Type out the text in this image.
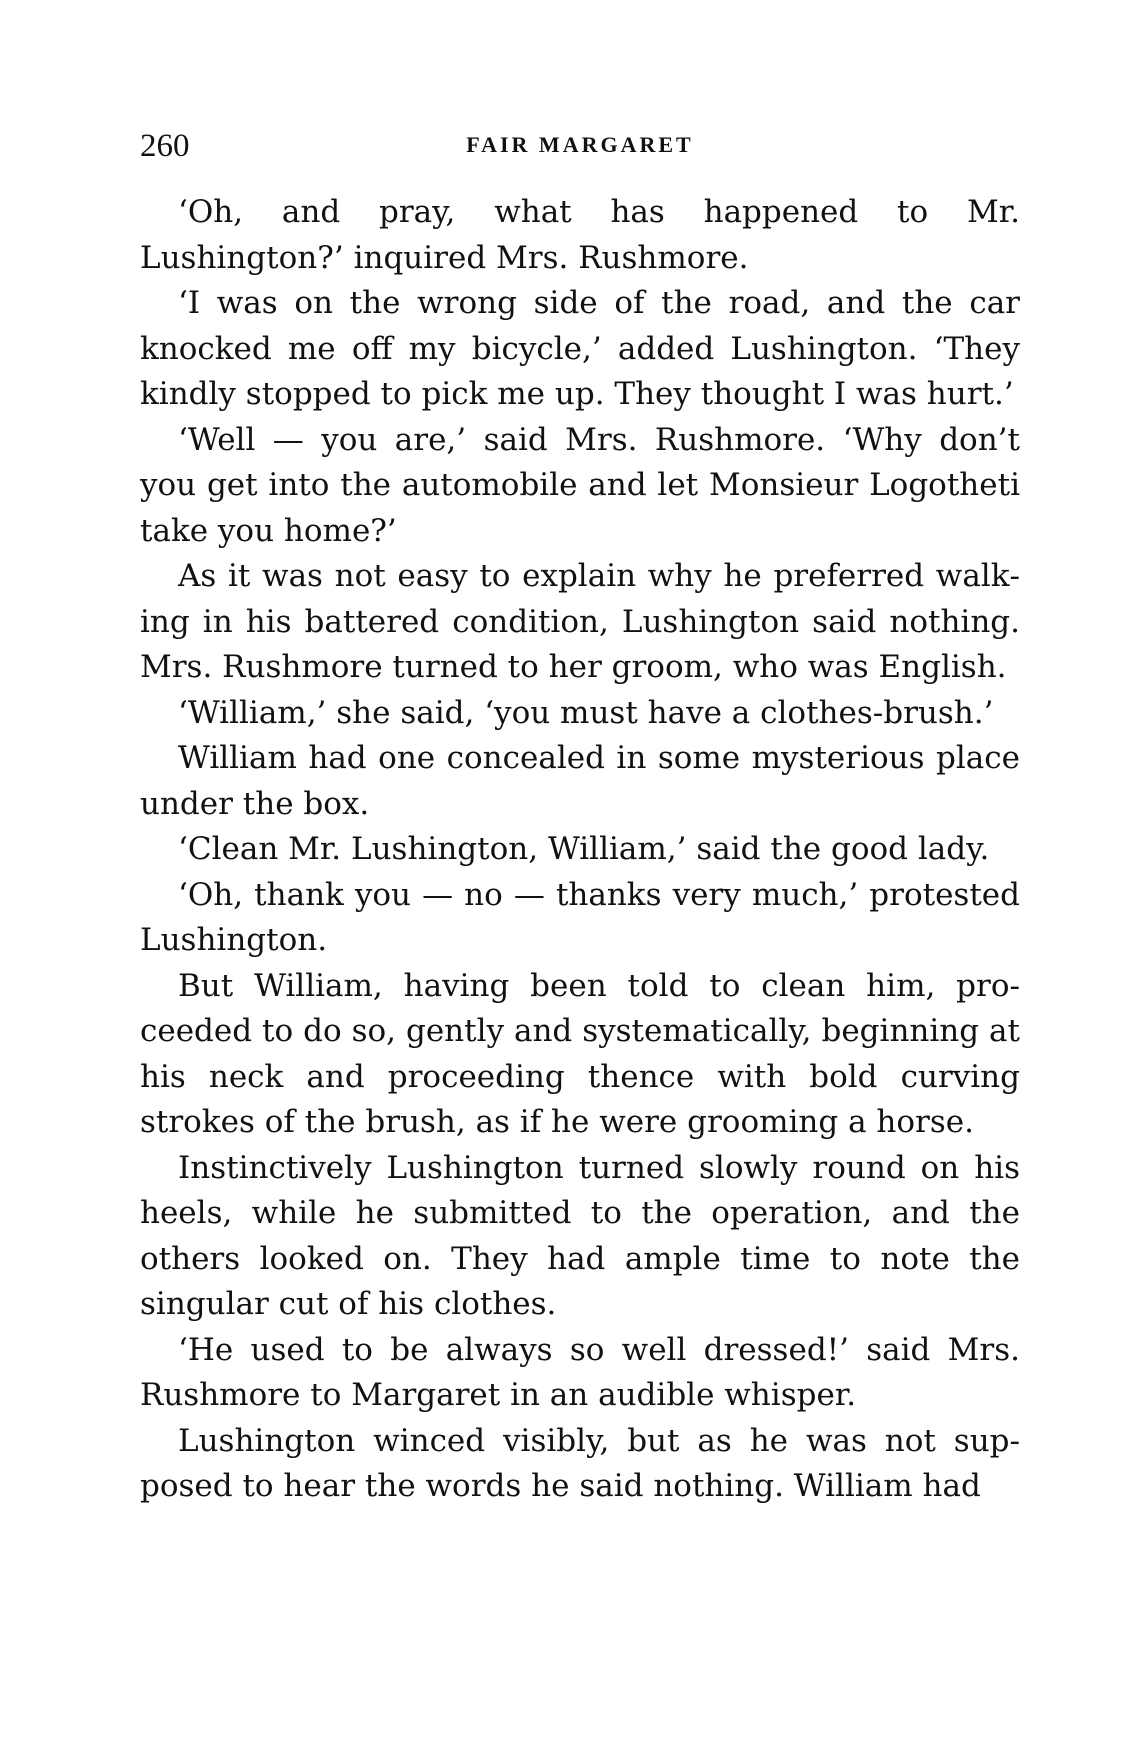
260	FAIR MARGARET

‘Oh, and pray, what has happened to Mr. Lushington?’ inquired Mrs. Rushmore.

‘I was on the wrong side of the road, and the car knocked me off my bicycle,’ added Lushington. ‘They kindly stopped to pick me up. They thought I was hurt.’

‘Well — you are,’ said Mrs. Rushmore. ‘Why don’t you get into the automobile and let Monsieur Logotheti take you home?’

As it was not easy to explain why he preferred walking in his battered condition, Lushington said nothing. Mrs. Rushmore turned to her groom, who was English.

‘William,’ she said, ‘you must have a clothes-brush.’

William had one concealed in some mysterious place under the box.

‘Clean Mr. Lushington, William,’ said the good lady.

‘Oh, thank you — no — thanks very much,’ protested Lushington.

But William, having been told to clean him, proceeded to do so, gently and systematically, beginning at his neck and proceeding thence with bold curving strokes of the brush, as if he were grooming a horse.

Instinctively Lushington turned slowly round on his heels, while he submitted to the operation, and the others looked on. They had ample time to note the singular cut of his clothes.

‘He used to be always so well dressed!’ said Mrs. Rushmore to Margaret in an audible whisper.

Lushington winced visibly, but as he was not supposed to hear the words he said nothing. William had
